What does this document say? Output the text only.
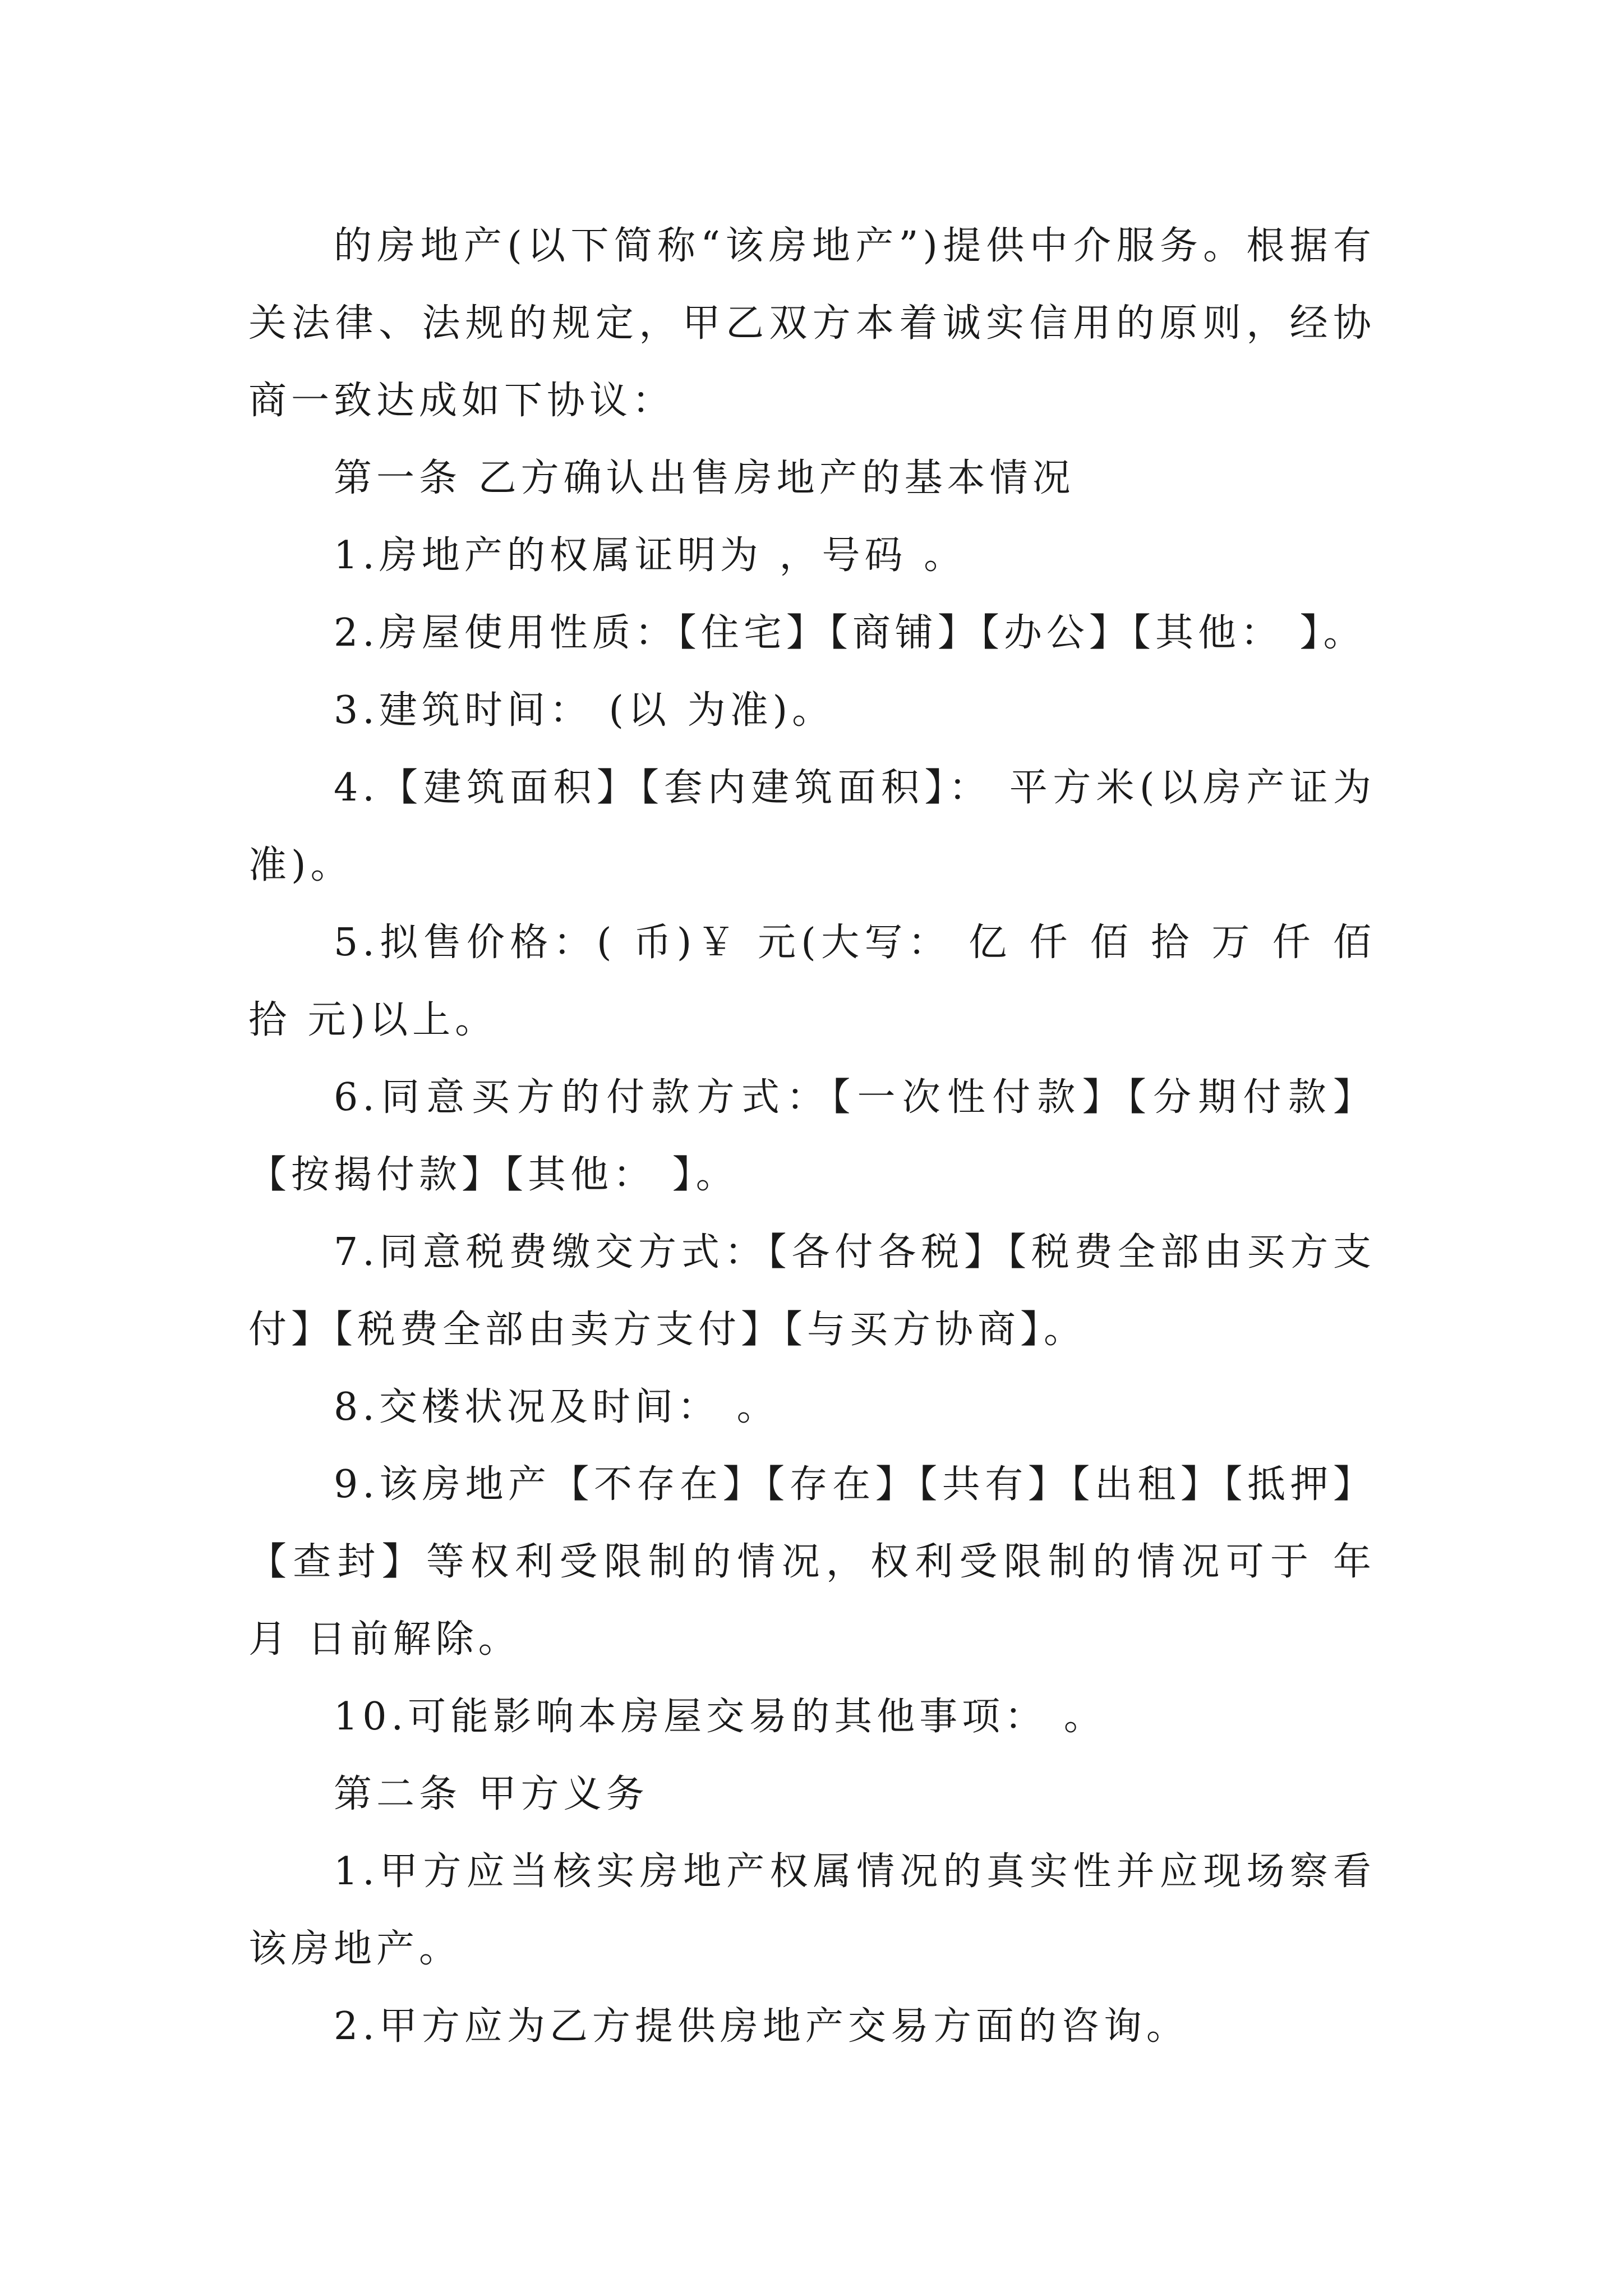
的房地产(以下简称“该房地产”)提供中介服务。根据有关法律、法规的规定，甲乙双方本着诚实信用的原则，经协商一致达成如下协议：

第一条 乙方确认出售房地产的基本情况

1.房地产的权属证明为 ，号码 。

2.房屋使用性质：【住宅】【商铺】【办公】【其他： 】。

3.建筑时间： (以 为准)。

4.【建筑面积】【套内建筑面积】： 平方米(以房产证为准)。

5.拟售价格：( 币)￥ 元(大写： 亿 仟 佰 拾 万 仟 佰 拾 元)以上。

6.同意买方的付款方式：【一次性付款】【分期付款】【按揭付款】【其他： 】。

7.同意税费缴交方式：【各付各税】【税费全部由买方支付】【税费全部由卖方支付】【与买方协商】。

8.交楼状况及时间： 。

9.该房地产【不存在】【存在】【共有】【出租】【抵押】【查封】等权利受限制的情况，权利受限制的情况可于 年 月 日前解除。

10.可能影响本房屋交易的其他事项： 。

第二条 甲方义务

1.甲方应当核实房地产权属情况的真实性并应现场察看该房地产。

2.甲方应为乙方提供房地产交易方面的咨询。
